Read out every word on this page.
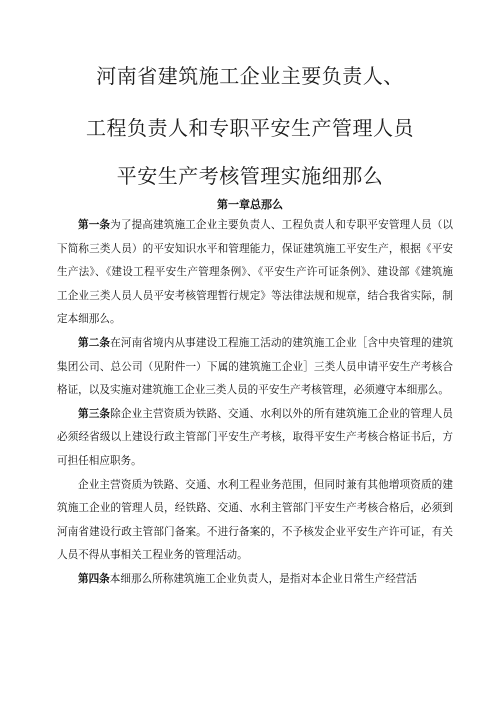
河南省建筑施工企业主要负责人、
工程负责人和专职平安生产管理人员
平安生产考核管理实施细那么
第一章总那么

第一条为了提高建筑施工企业主要负责人、工程负责人和专职平安管理人员（以下简称三类人员）的平安知识水平和管理能力，保证建筑施工平安生产，根据《平安生产法》、《建设工程平安生产管理条例》、《平安生产许可证条例》、建设部《建筑施工企业三类人员人员平安考核管理暂行规定》等法律法规和规章，结合我省实际，制定本细那么。

第二条在河南省境内从事建设工程施工活动的建筑施工企业［含中央管理的建筑集团公司、总公司（见附件一）下属的建筑施工企业］三类人员申请平安生产考核合格证，以及实施对建筑施工企业三类人员的平安生产考核管理，必须遵守本细那么。

第三条除企业主营资质为铁路、交通、水利以外的所有建筑施工企业的管理人员必须经省级以上建设行政主管部门平安生产考核，取得平安生产考核合格证书后，方可担任相应职务。

企业主营资质为铁路、交通、水利工程业务范围，但同时兼有其他增项资质的建筑施工企业的管理人员，经铁路、交通、水利主管部门平安生产考核合格后，必须到河南省建设行政主管部门备案。不进行备案的，不予核发企业平安生产许可证，有关人员不得从事相关工程业务的管理活动。

第四条本细那么所称建筑施工企业负责人，是指对本企业日常生产经营活
